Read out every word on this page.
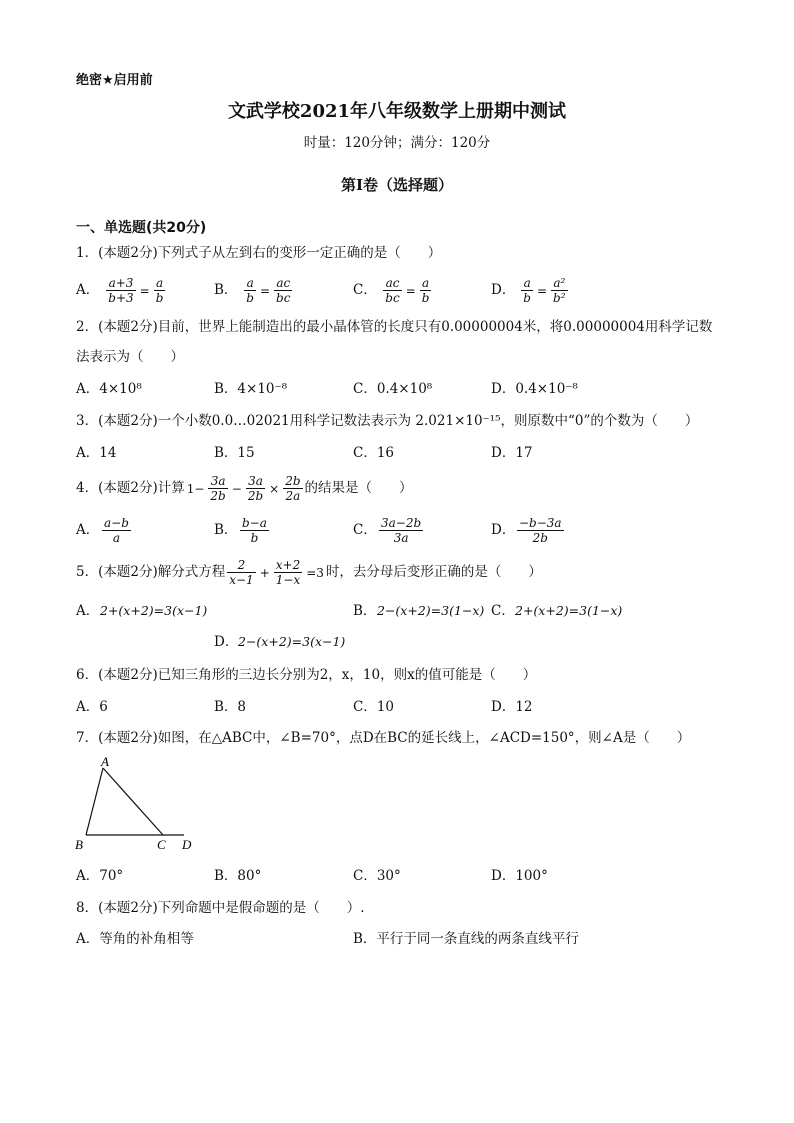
绝密★启用前
文武学校2021年八年级数学上册期中测试
时量：120分钟；满分：120分
第I卷（选择题）
一、单选题(共20分)
1．(本题2分)下列式子从左到右的变形一定正确的是（　　）
A． $\frac{a+3}{b+3} = \frac{a}{b}$	B． $\frac{a}{b} = \frac{ac}{bc}$	C． $\frac{ac}{bc} = \frac{a}{b}$	D． $\frac{a}{b} = \frac{\text{a²}}{\text{b²}}$
2．(本题2分)目前，世界上能制造出的最小晶体管的长度只有0.00000004米，将0.00000004用科学记数
法表示为（　　）
A．4×10⁸	B．4×10⁻⁸	C．0.4×10⁸	D．0.4×10⁻⁸
3．(本题2分)一个小数0.0…02021用科学记数法表示为 2.021×10⁻¹⁵，则原数中“0”的个数为（　　）
A．14	B．15	C．16	D．17
4．(本题2分)计算 $1- \frac{3a}{2b} - \frac{3a}{2b} \times \frac{2b}{2a}$ 的结果是（　　）
A． $\frac{a-b}{a}$	B． $\frac{b-a}{b}$	C． $\frac{3a-2b}{3a}$	D． $\frac{-b-3a}{2b}$
5．(本题2分)解分式方程 $\frac{2}{x-1} + \frac{x+2}{1-x} =3$ 时，去分母后变形正确的是（　　）
A．2+(x+2)=3(x−1)	B．2−(x+2)=3(1−x) C．2+(x+2)=3(1−x)
D．2−(x+2)=3(x−1)
6．(本题2分)已知三角形的三边长分别为2，x，10，则x的值可能是（　　）
A．6	B．8	C．10	D．12
7．(本题2分)如图，在△ABC中，∠B=70°，点D在BC的延长线上，∠ACD=150°，则∠A是（　　）
A
B	C D
A．70°	B．80°	C．30°	D．100°
8．(本题2分)下列命题中是假命题的是（　　）.
A．等角的补角相等	B．平行于同一条直线的两条直线平行
